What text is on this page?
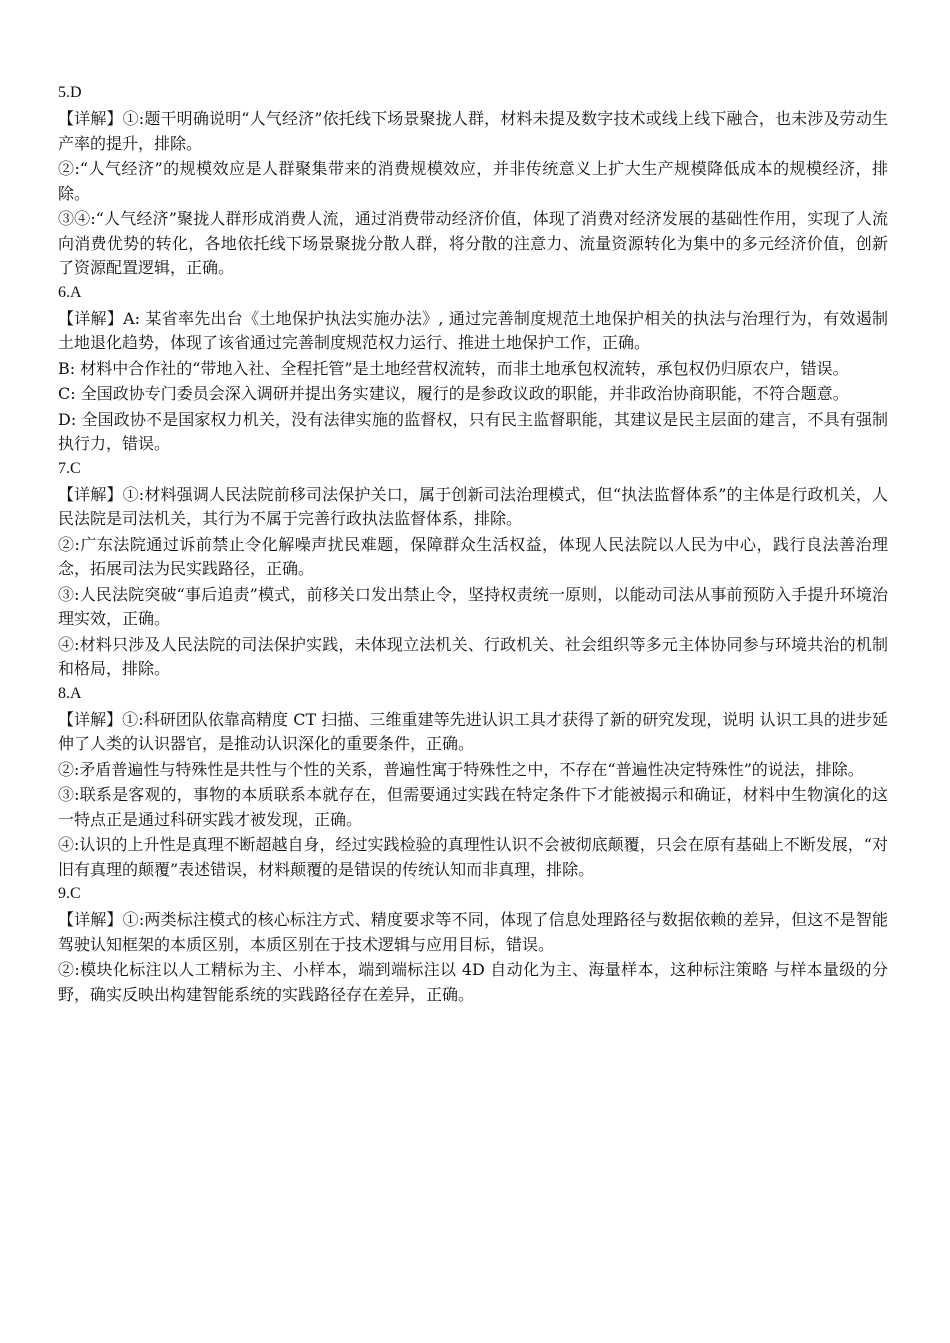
5.D
【详解】①:题干明确说明“人气经济”依托线下场景聚拢人群，材料未提及数字技术或线上线下融合，也未涉及劳动生产率的提升，排除。
②:“人气经济”的规模效应是人群聚集带来的消费规模效应，并非传统意义上扩大生产规模降低成本的规模经济，排除。
③④:“人气经济”聚拢人群形成消费人流，通过消费带动经济价值，体现了消费对经济发展的基础性作用，实现了人流向消费优势的转化，各地依托线下场景聚拢分散人群，将分散的注意力、流量资源转化为集中的多元经济价值，创新了资源配置逻辑，正确。
6.A
【详解】A: 某省率先出台《土地保护执法实施办法》, 通过完善制度规范土地保护相关的执法与治理行为，有效遏制土地退化趋势，体现了该省通过完善制度规范权力运行、推进土地保护工作，正确。
B: 材料中合作社的“带地入社、全程托管”是土地经营权流转，而非土地承包权流转，承包权仍归原农户，错误。
C: 全国政协专门委员会深入调研并提出务实建议，履行的是参政议政的职能，并非政治协商职能，不符合题意。
D: 全国政协不是国家权力机关，没有法律实施的监督权，只有民主监督职能，其建议是民主层面的建言，不具有强制执行力，错误。
7.C
【详解】①:材料强调人民法院前移司法保护关口，属于创新司法治理模式，但“执法监督体系”的主体是行政机关，人民法院是司法机关，其行为不属于完善行政执法监督体系，排除。
②:广东法院通过诉前禁止令化解噪声扰民难题，保障群众生活权益，体现人民法院以人民为中心，践行良法善治理念，拓展司法为民实践路径，正确。
③:人民法院突破“事后追责”模式，前移关口发出禁止令，坚持权责统一原则，以能动司法从事前预防入手提升环境治理实效，正确。
④:材料只涉及人民法院的司法保护实践，未体现立法机关、行政机关、社会组织等多元主体协同参与环境共治的机制和格局，排除。
8.A
【详解】①:科研团队依靠高精度 CT 扫描、三维重建等先进认识工具才获得了新的研究发现，说明 认识工具的进步延伸了人类的认识器官，是推动认识深化的重要条件，正确。
②:矛盾普遍性与特殊性是共性与个性的关系，普遍性寓于特殊性之中，不存在“普遍性决定特殊性”的说法，排除。
③:联系是客观的，事物的本质联系本就存在，但需要通过实践在特定条件下才能被揭示和确证，材料中生物演化的这一特点正是通过科研实践才被发现，正确。
④:认识的上升性是真理不断超越自身，经过实践检验的真理性认识不会被彻底颠覆，只会在原有基础上不断发展，“对旧有真理的颠覆”表述错误，材料颠覆的是错误的传统认知而非真理，排除。
9.C
【详解】①:两类标注模式的核心标注方式、精度要求等不同，体现了信息处理路径与数据依赖的差异，但这不是智能驾驶认知框架的本质区别，本质区别在于技术逻辑与应用目标，错误。
②:模块化标注以人工精标为主、小样本，端到端标注以 4D 自动化为主、海量样本，这种标注策略 与样本量级的分野，确实反映出构建智能系统的实践路径存在差异，正确。
